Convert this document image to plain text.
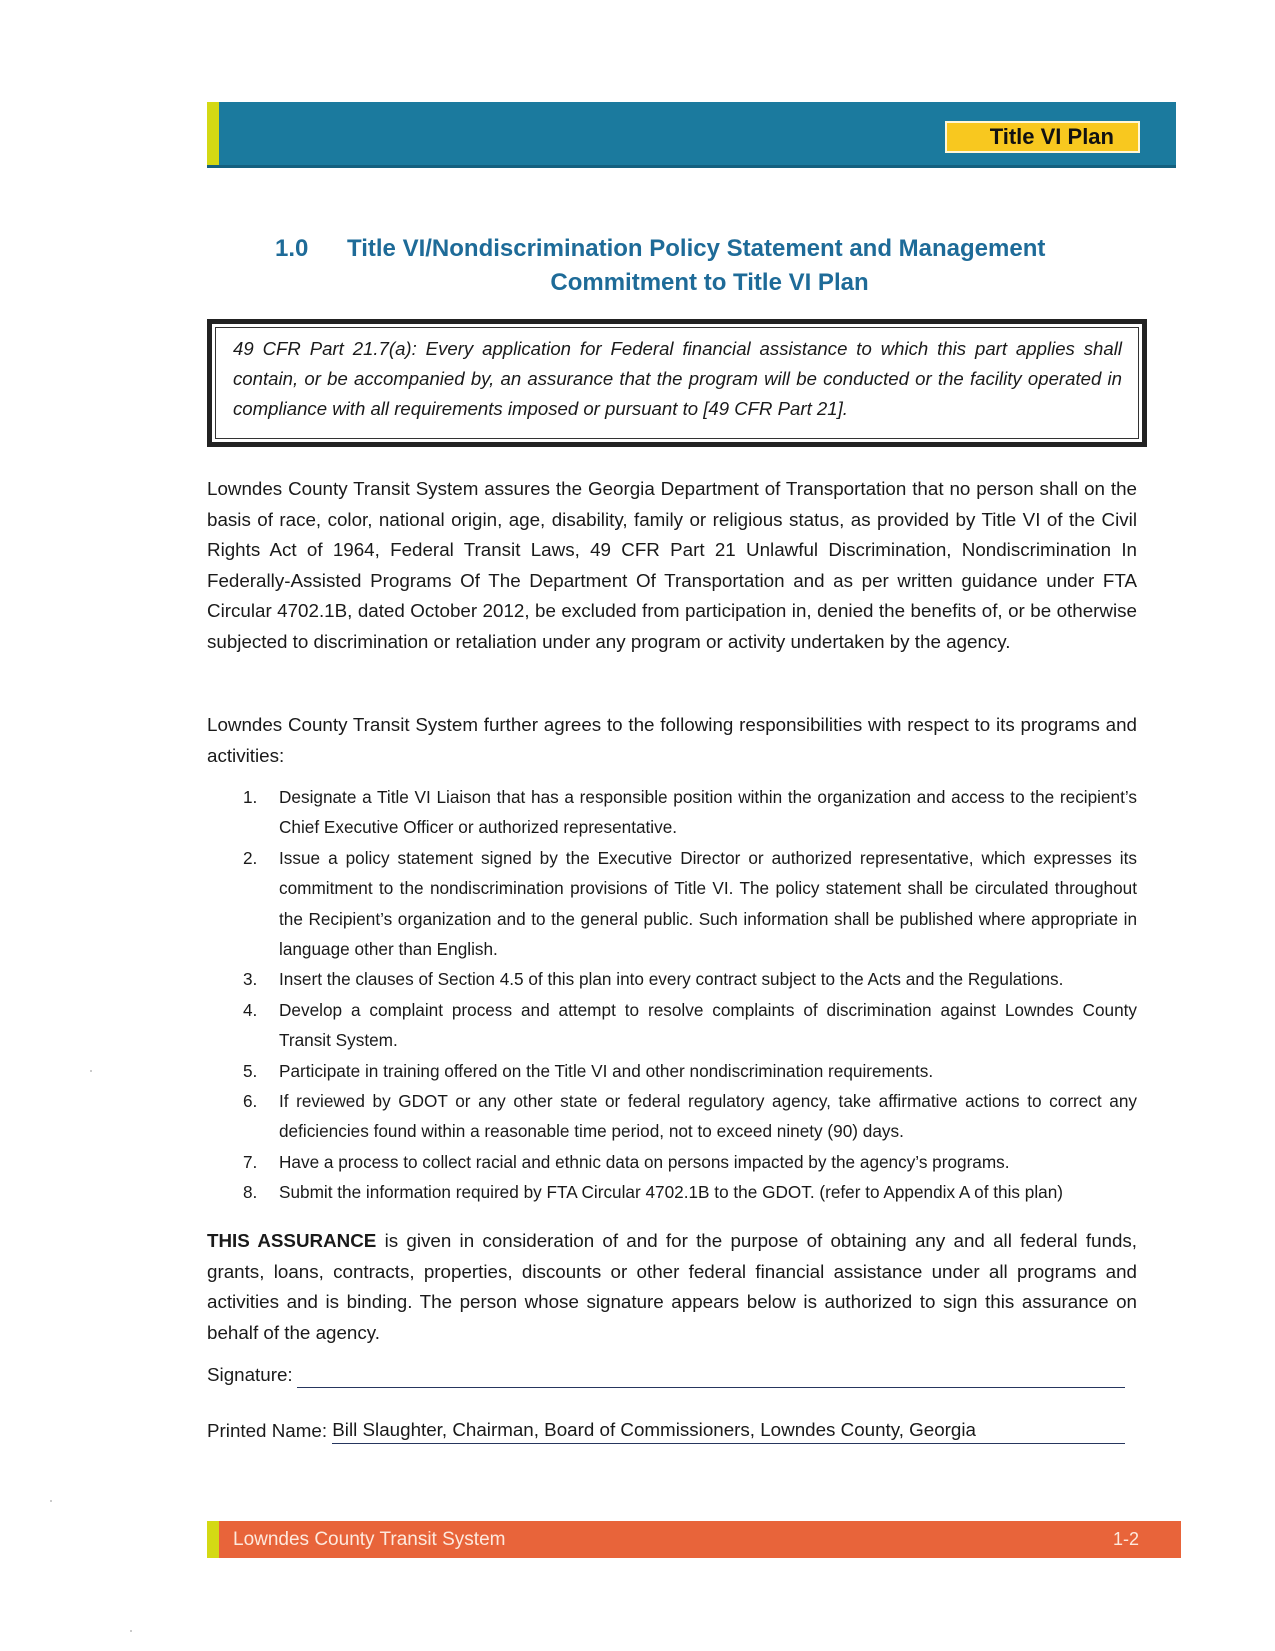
Title VI Plan
1.0	Title VI/Nondiscrimination Policy Statement and Management
Commitment to Title VI Plan
49 CFR Part 21.7(a): Every application for Federal financial assistance to which this part applies shall contain, or be accompanied by, an assurance that the program will be conducted or the facility operated in compliance with all requirements imposed or pursuant to [49 CFR Part 21].
Lowndes County Transit System assures the Georgia Department of Transportation that no person shall on the basis of race, color, national origin, age, disability, family or religious status, as provided by Title VI of the Civil Rights Act of 1964, Federal Transit Laws, 49 CFR Part 21 Unlawful Discrimination, Nondiscrimination In Federally-Assisted Programs Of The Department Of Transportation and as per written guidance under FTA Circular 4702.1B, dated October 2012, be excluded from participation in, denied the benefits of, or be otherwise subjected to discrimination or retaliation under any program or activity undertaken by the agency.
Lowndes County Transit System further agrees to the following responsibilities with respect to its programs and activities:
1.	Designate a Title VI Liaison that has a responsible position within the organization and access to the recipient’s Chief Executive Officer or authorized representative.
2.	Issue a policy statement signed by the Executive Director or authorized representative, which expresses its commitment to the nondiscrimination provisions of Title VI. The policy statement shall be circulated throughout the Recipient’s organization and to the general public. Such information shall be published where appropriate in language other than English.
3.	Insert the clauses of Section 4.5 of this plan into every contract subject to the Acts and the Regulations.
4.	Develop a complaint process and attempt to resolve complaints of discrimination against Lowndes County Transit System.
5.	Participate in training offered on the Title VI and other nondiscrimination requirements.
6.	If reviewed by GDOT or any other state or federal regulatory agency, take affirmative actions to correct any deficiencies found within a reasonable time period, not to exceed ninety (90) days.
7.	Have a process to collect racial and ethnic data on persons impacted by the agency’s programs.
8.	Submit the information required by FTA Circular 4702.1B to the GDOT. (refer to Appendix A of this plan)
THIS ASSURANCE is given in consideration of and for the purpose of obtaining any and all federal funds, grants, loans, contracts, properties, discounts or other federal financial assistance under all programs and activities and is binding. The person whose signature appears below is authorized to sign this assurance on behalf of the agency.
Signature:
Printed Name:
Bill Slaughter, Chairman, Board of Commissioners, Lowndes County, Georgia
Lowndes County Transit System	1-2
